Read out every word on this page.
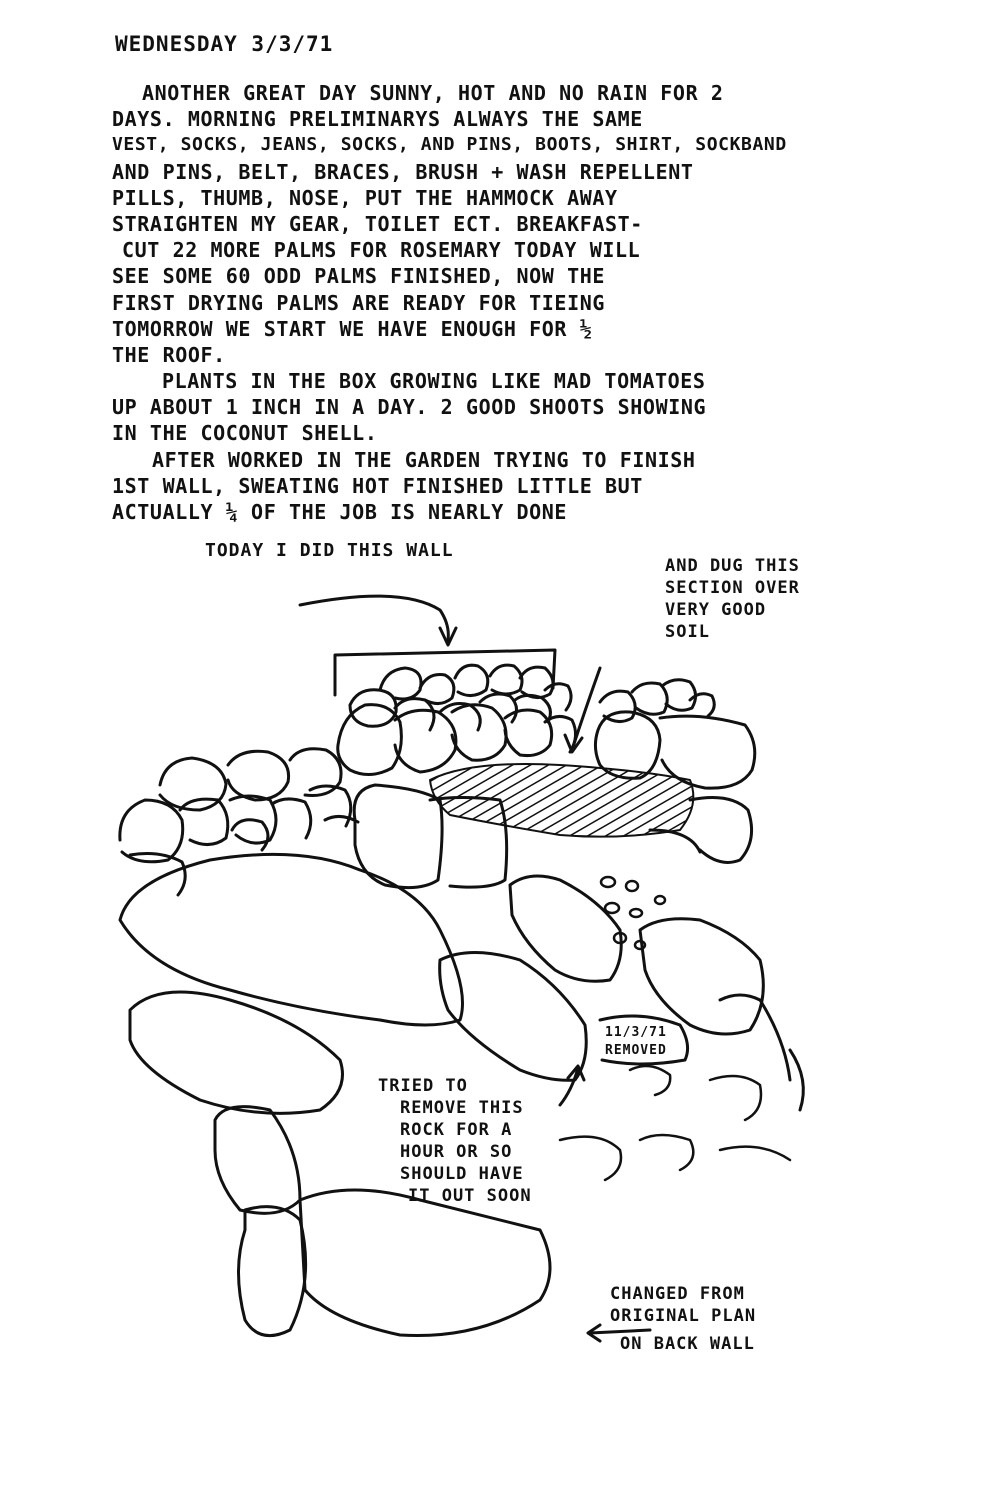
WEDNESDAY 3/3/71
ANOTHER GREAT DAY SUNNY, HOT AND NO RAIN FOR 2
DAYS. MORNING PRELIMINARYS ALWAYS THE SAME
VEST, SOCKS, JEANS, SOCKS, AND PINS, BOOTS, SHIRT, SOCKBAND
AND PINS, BELT, BRACES, BRUSH + WASH REPELLENT
PILLS, THUMB, NOSE, PUT THE HAMMOCK AWAY
STRAIGHTEN MY GEAR, TOILET ECT. BREAKFAST-
CUT 22 MORE PALMS FOR ROSEMARY TODAY WILL
SEE SOME 60 ODD PALMS FINISHED, NOW THE
FIRST DRYING PALMS ARE READY FOR TIEING
TOMORROW WE START WE HAVE ENOUGH FOR ½
THE ROOF.
PLANTS IN THE BOX GROWING LIKE MAD TOMATOES
UP ABOUT 1 INCH IN A DAY. 2 GOOD SHOOTS SHOWING
IN THE COCONUT SHELL.
AFTER WORKED IN THE GARDEN TRYING TO FINISH
1ST WALL, SWEATING HOT FINISHED LITTLE BUT
ACTUALLY ¼ OF THE JOB IS NEARLY DONE
TODAY I DID THIS WALL
AND DUG THIS
SECTION OVER
VERY GOOD
SOIL
11/3/71
REMOVED
TRIED TO
REMOVE THIS
ROCK FOR A
HOUR OR SO
SHOULD HAVE
IT OUT SOON
CHANGED FROM
ORIGINAL PLAN
ON BACK WALL
